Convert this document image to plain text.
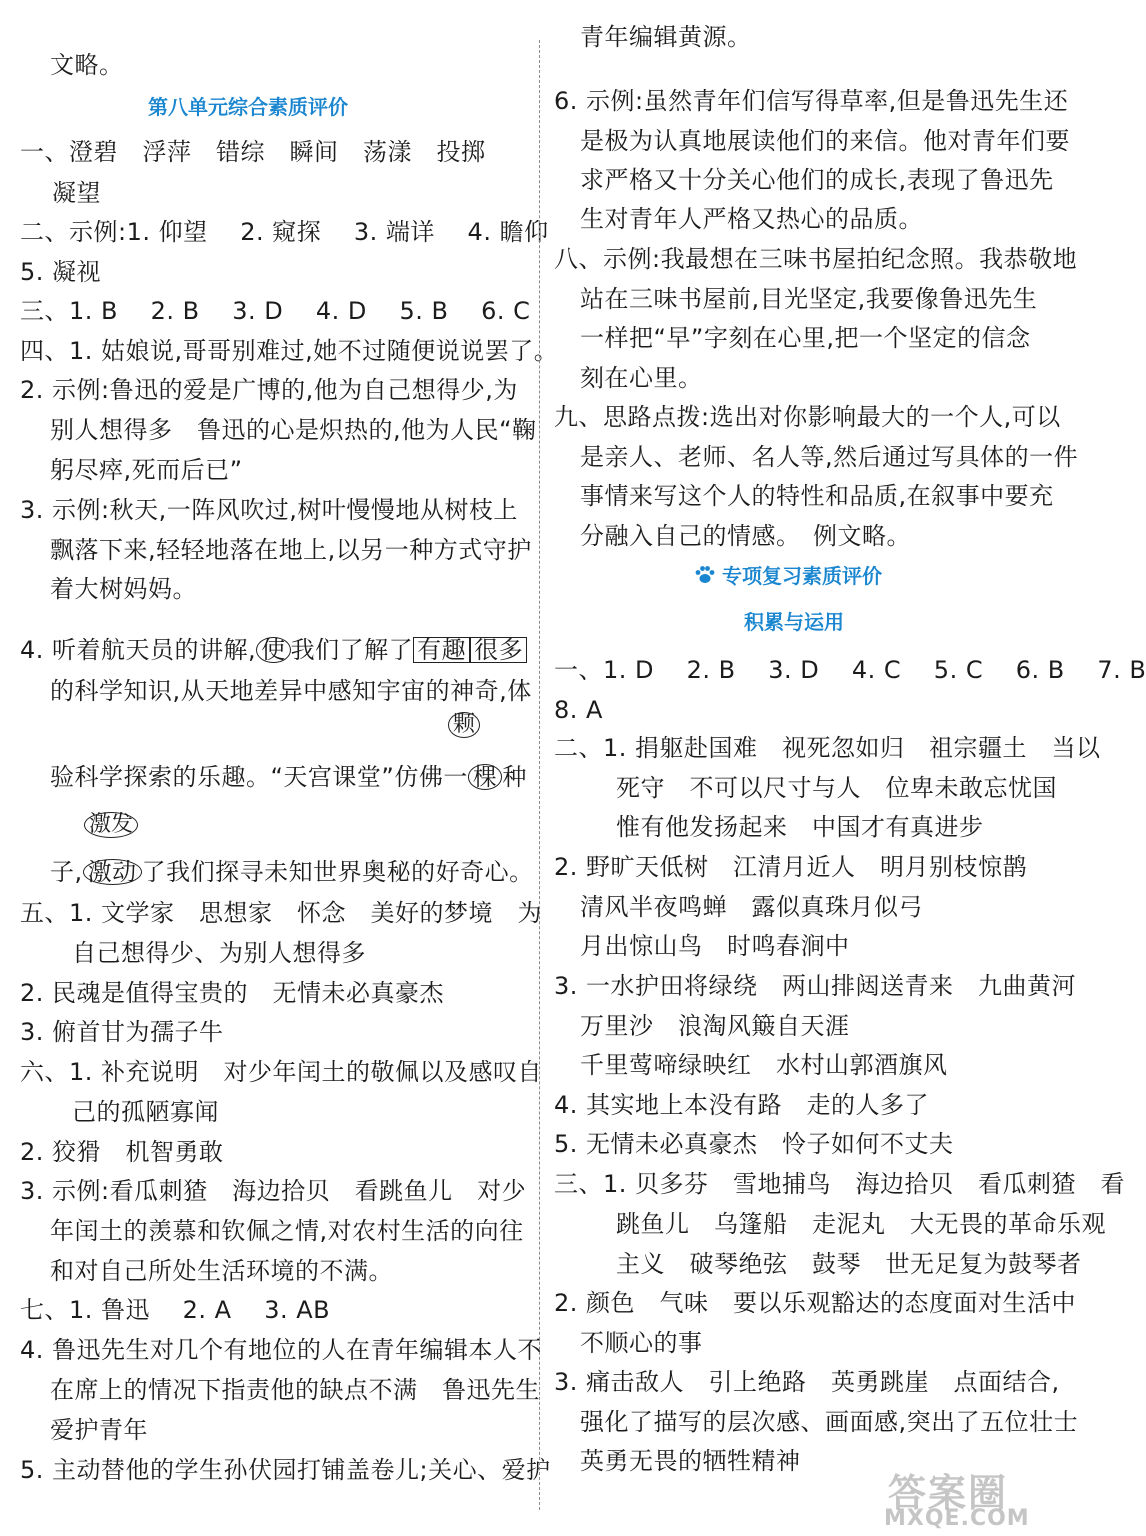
文略。
第八单元综合素质评价
一、澄碧　浮萍　错综　瞬间　荡漾　投掷
凝望
二、示例:1. 仰望　 2. 窥探　 3. 端详　 4. 瞻仰
5. 凝视
三、1. B　 2. B　 3. D　 4. D　 5. B　 6. C
四、1. 姑娘说,哥哥别难过,她不过随便说说罢了。
2. 示例:鲁迅的爱是广博的,他为自己想得少,为
别人想得多　鲁迅的心是炽热的,他为人民“鞠
躬尽瘁,死而后已”
3. 示例:秋天,一阵风吹过,树叶慢慢地从树枝上
飘落下来,轻轻地落在地上,以另一种方式守护
着大树妈妈。
4. 听着航天员的讲解, 使 我们了解了 有趣 很多
的科学知识,从天地差异中感知宇宙的神奇,体
颗
验科学探索的乐趣。“天宫课堂”仿佛一 棵 种
激发
子, 激动 了我们探寻未知世界奥秘的好奇心。
五、1. 文学家　思想家　怀念　美好的梦境　为
自己想得少、为别人想得多
2. 民魂是值得宝贵的　无情未必真豪杰
3. 俯首甘为孺子牛
六、1. 补充说明　对少年闰土的敬佩以及感叹自
己的孤陋寡闻
2. 狡猾　机智勇敢
3. 示例:看瓜刺猹　海边拾贝　看跳鱼儿　对少
年闰土的羡慕和钦佩之情,对农村生活的向往
和对自己所处生活环境的不满。
七、1. 鲁迅　 2. A　 3. AB
4. 鲁迅先生对几个有地位的人在青年编辑本人不
在席上的情况下指责他的缺点不满　鲁迅先生
爱护青年
5. 主动替他的学生孙伏园打铺盖卷儿;关心、爱护
青年编辑黄源。
6. 示例:虽然青年们信写得草率,但是鲁迅先生还
是极为认真地展读他们的来信。他对青年们要
求严格又十分关心他们的成长,表现了鲁迅先
生对青年人严格又热心的品质。
八、示例:我最想在三味书屋拍纪念照。我恭敬地
站在三味书屋前,目光坚定,我要像鲁迅先生
一样把“早”字刻在心里,把一个坚定的信念
刻在心里。
九、思路点拨:选出对你影响最大的一个人,可以
是亲人、老师、名人等,然后通过写具体的一件
事情来写这个人的特性和品质,在叙事中要充
分融入自己的情感。　例文略。
专项复习素质评价
积累与运用
一、1. D　 2. B　 3. D　 4. C　 5. C　 6. B　 7. B
8. A
二、1. 捐躯赴国难　视死忽如归　祖宗疆土　当以
死守　不可以尺寸与人　位卑未敢忘忧国
惟有他发扬起来　中国才有真进步
2. 野旷天低树　江清月近人　明月别枝惊鹊
清风半夜鸣蝉　露似真珠月似弓
月出惊山鸟　时鸣春涧中
3. 一水护田将绿绕　两山排闼送青来　九曲黄河
万里沙　浪淘风簸自天涯
千里莺啼绿映红　水村山郭酒旗风
4. 其实地上本没有路　走的人多了
5. 无情未必真豪杰　怜子如何不丈夫
三、1. 贝多芬　雪地捕鸟　海边拾贝　看瓜刺猹　看
跳鱼儿　乌篷船　走泥丸　大无畏的革命乐观
主义　破琴绝弦　鼓琴　世无足复为鼓琴者
2. 颜色　气味　要以乐观豁达的态度面对生活中
不顺心的事
3. 痛击敌人　引上绝路　英勇跳崖　点面结合,
强化了描写的层次感、画面感,突出了五位壮士
英勇无畏的牺牲精神
答案圈
MXQE.COM
